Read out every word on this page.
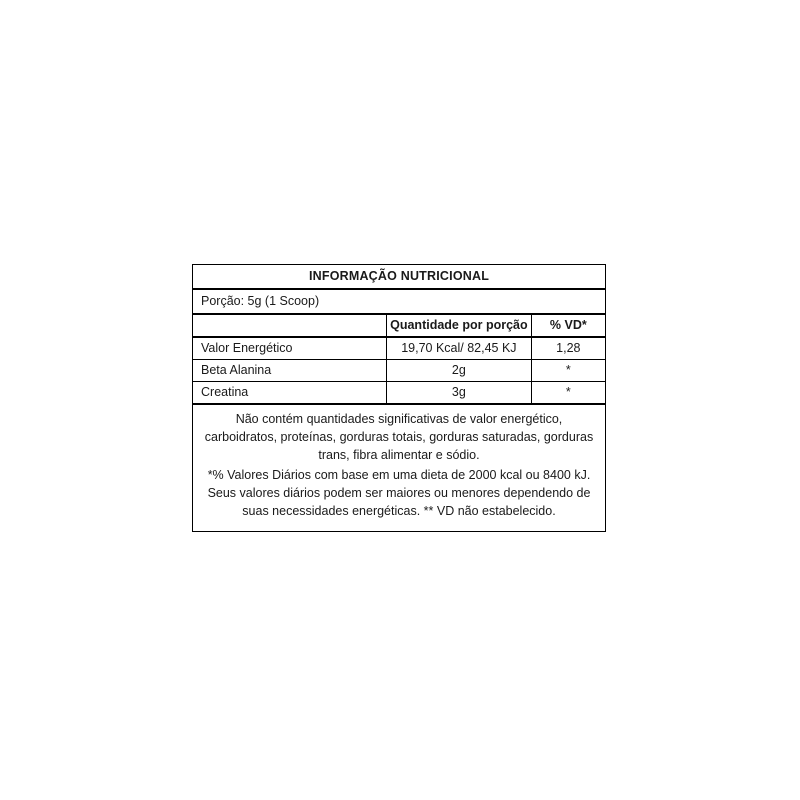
INFORMAÇÃO NUTRICIONAL		
Porção: 5g (1 Scoop)		
	Quantidade por porção	% VD*
Valor Energético	19,70 Kcal/ 82,45 KJ	1,28
Beta Alanina	2g	*
Creatina	3g	*

Não contém quantidades significativas de valor energético, carboidratos, proteínas, gorduras totais, gorduras saturadas, gorduras trans, fibra alimentar e sódio.

*% Valores Diários com base em uma dieta de 2000 kcal ou 8400 kJ. Seus valores diários podem ser maiores ou menores dependendo de suas necessidades energéticas. ** VD não estabelecido.		
